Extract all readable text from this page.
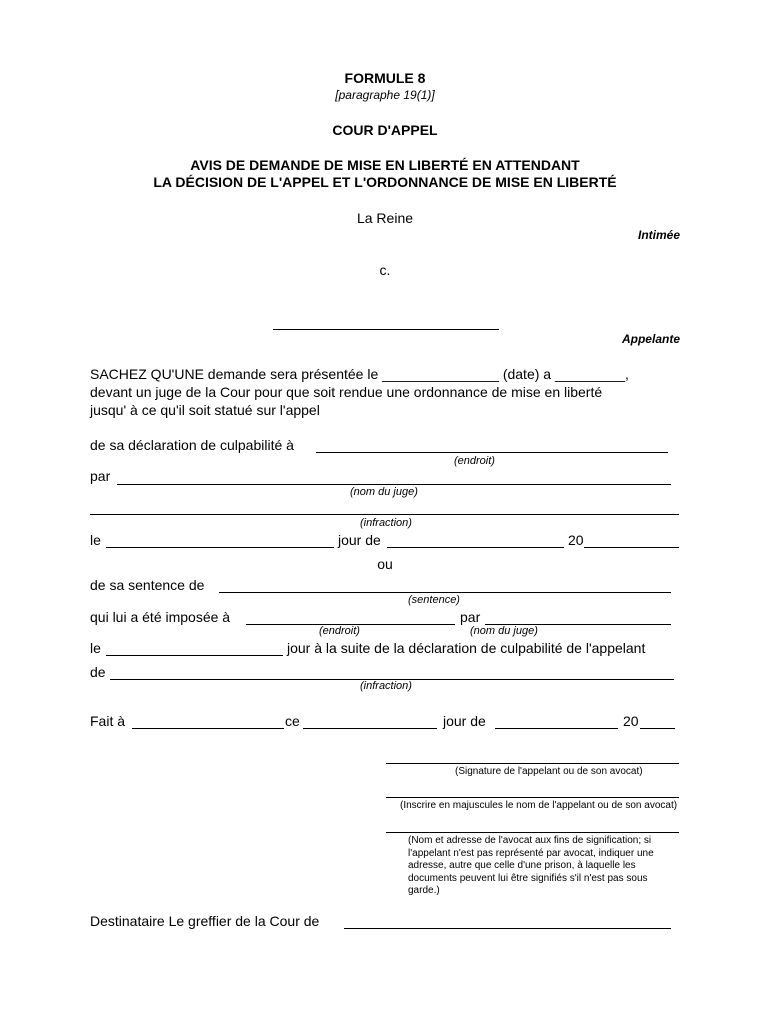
FORMULE 8
[paragraphe 19(1)]
COUR D'APPEL
AVIS DE DEMANDE DE MISE EN LIBERTÉ EN ATTENDANT
LA DÉCISION DE L'APPEL ET L'ORDONNANCE DE MISE EN LIBERTÉ
La Reine
Intimée
c.
Appelante
SACHEZ QU'UNE demande sera présentée le _______________ (date) a _________,
devant un juge de la Cour pour que soit rendue une ordonnance de mise en liberté
jusqu' à ce qu'il soit statué sur l'appel
de sa déclaration de culpabilité à
(endroit)
par
(nom du juge)
(infraction)
le	jour de	20
ou
de sa sentence de
(sentence)
qui lui a été imposée à	par
(endroit)	(nom du juge)
le	jour à la suite de la déclaration de culpabilité de l'appelant
de
(infraction)
Fait à	ce	jour de	20
(Signature de l'appelant ou de son avocat)
(Inscrire en majuscules le nom de l'appelant ou de son avocat)
(Nom et adresse de l'avocat aux fins de signification; si l'appelant n'est pas représenté par avocat, indiquer une adresse, autre que celle d'une prison, à laquelle les documents peuvent lui être signifiés s'il n'est pas sous garde.)
Destinataire Le greffier de la Cour de
